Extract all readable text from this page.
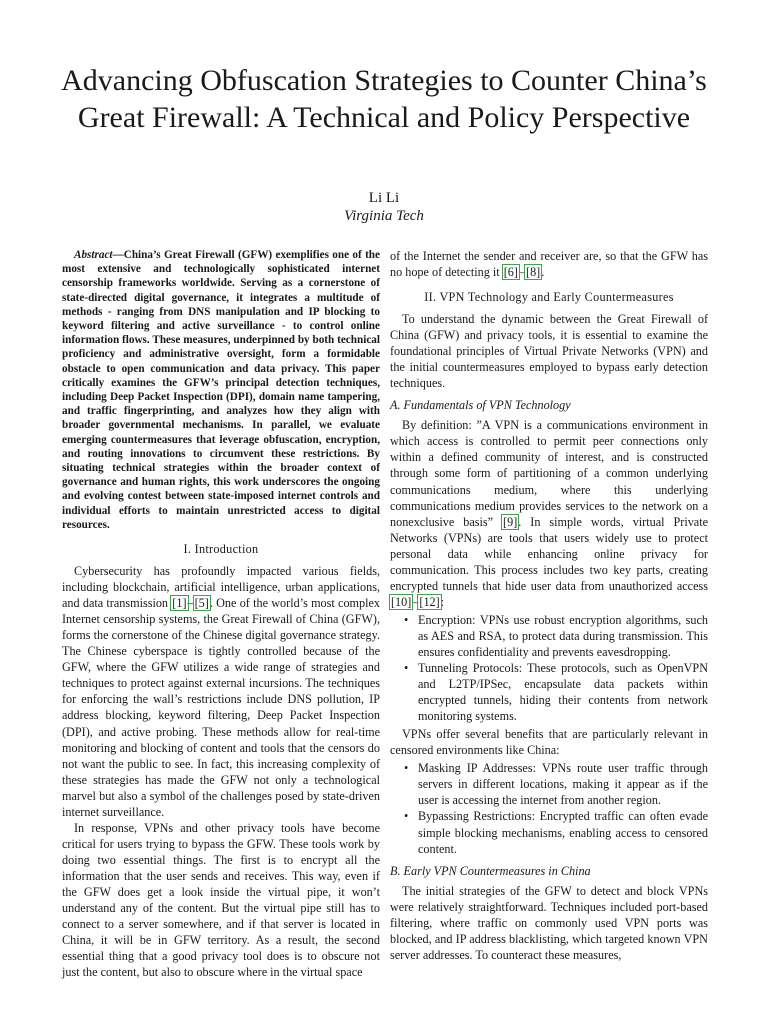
Advancing Obfuscation Strategies to Counter China’s Great Firewall: A Technical and Policy Perspective
Li Li
Virginia Tech

Abstract—China’s Great Firewall (GFW) exemplifies one of the most extensive and technologically sophisticated internet censorship frameworks worldwide. Serving as a cornerstone of state-directed digital governance, it integrates a multitude of methods - ranging from DNS manipulation and IP blocking to keyword filtering and active surveillance - to control online information flows. These measures, underpinned by both technical proficiency and administrative oversight, form a formidable obstacle to open communication and data privacy. This paper critically examines the GFW’s principal detection techniques, including Deep Packet Inspection (DPI), domain name tampering, and traffic fingerprinting, and analyzes how they align with broader governmental mechanisms. In parallel, we evaluate emerging countermeasures that leverage obfuscation, encryption, and routing innovations to circumvent these restrictions. By situating technical strategies within the broader context of governance and human rights, this work underscores the ongoing and evolving contest between state-imposed internet controls and individual efforts to maintain unrestricted access to digital resources.

I. Introduction

Cybersecurity has profoundly impacted various fields, including blockchain, artificial intelligence, urban applications, and data transmission [1]–[5]. One of the world’s most complex Internet censorship systems, the Great Firewall of China (GFW), forms the cornerstone of the Chinese digital governance strategy. The Chinese cyberspace is tightly controlled because of the GFW, where the GFW utilizes a wide range of strategies and techniques to protect against external incursions. The techniques for enforcing the wall’s restrictions include DNS pollution, IP address blocking, keyword filtering, Deep Packet Inspection (DPI), and active probing. These methods allow for real-time monitoring and blocking of content and tools that the censors do not want the public to see. In fact, this increasing complexity of these strategies has made the GFW not only a technological marvel but also a symbol of the challenges posed by state-driven internet surveillance.

In response, VPNs and other privacy tools have become critical for users trying to bypass the GFW. These tools work by doing two essential things. The first is to encrypt all the information that the user sends and receives. This way, even if the GFW does get a look inside the virtual pipe, it won’t understand any of the content. But the virtual pipe still has to connect to a server somewhere, and if that server is located in China, it will be in GFW territory. As a result, the second essential thing that a good privacy tool does is to obscure not just the content, but also to obscure where in the virtual space

of the Internet the sender and receiver are, so that the GFW has no hope of detecting it [6]–[8].

II. VPN Technology and Early Countermeasures

To understand the dynamic between the Great Firewall of China (GFW) and privacy tools, it is essential to examine the foundational principles of Virtual Private Networks (VPN) and the initial countermeasures employed to bypass early detection techniques.

A. Fundamentals of VPN Technology

By definition: ”A VPN is a communications environment in which access is controlled to permit peer connections only within a defined community of interest, and is constructed through some form of partitioning of a common underlying communications medium, where this underlying communications medium provides services to the network on a nonexclusive basis” [9]. In simple words, virtual Private Networks (VPNs) are tools that users widely use to protect personal data while enhancing online privacy for communication. This process includes two key parts, creating encrypted tunnels that hide user data from unauthorized access [10]–[12]:

• Encryption: VPNs use robust encryption algorithms, such as AES and RSA, to protect data during transmission. This ensures confidentiality and prevents eavesdropping.
• Tunneling Protocols: These protocols, such as OpenVPN and L2TP/IPSec, encapsulate data packets within encrypted tunnels, hiding their contents from network monitoring systems.

VPNs offer several benefits that are particularly relevant in censored environments like China:

• Masking IP Addresses: VPNs route user traffic through servers in different locations, making it appear as if the user is accessing the internet from another region.
• Bypassing Restrictions: Encrypted traffic can often evade simple blocking mechanisms, enabling access to censored content.
B. Early VPN Countermeasures in China

The initial strategies of the GFW to detect and block VPNs were relatively straightforward. Techniques included port-based filtering, where traffic on commonly used VPN ports was blocked, and IP address blacklisting, which targeted known VPN server addresses. To counteract these measures,
